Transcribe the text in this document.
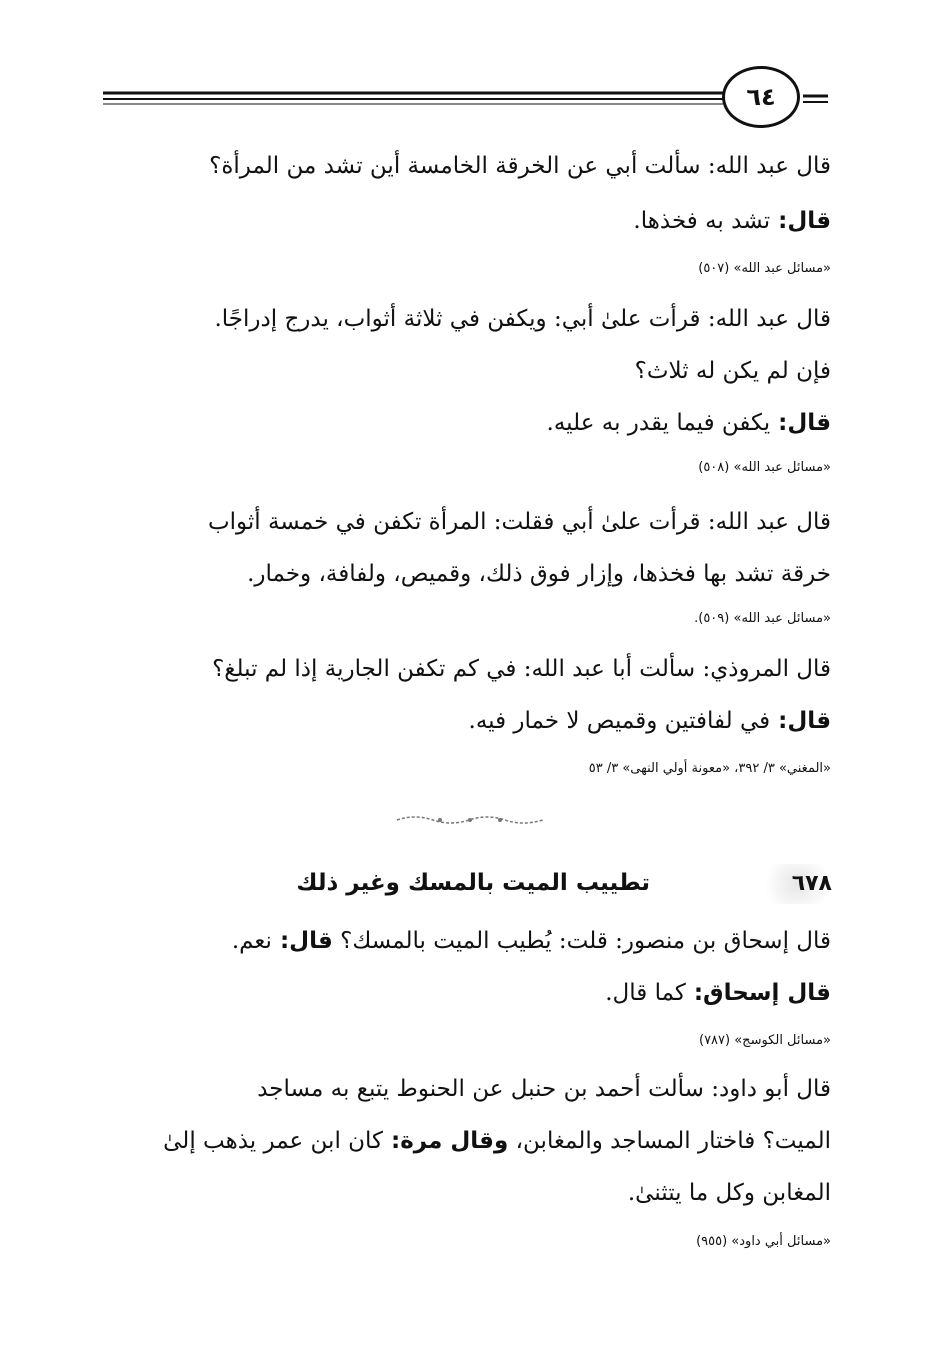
٦٤
قال عبد الله: سألت أبي عن الخرقة الخامسة أين تشد من المرأة؟
قال: تشد به فخذها.
«مسائل عبد الله» (٥٠٧)
قال عبد الله: قرأت علىٰ أبي: ويكفن في ثلاثة أثواب، يدرج إدراجًا.
فإن لم يكن له ثلاث؟
قال: يكفن فيما يقدر به عليه.
«مسائل عبد الله» (٥٠٨)
قال عبد الله: قرأت علىٰ أبي فقلت: المرأة تكفن في خمسة أثواب
خرقة تشد بها فخذها، وإزار فوق ذلك، وقميص، ولفافة، وخمار.
«مسائل عبد الله» (٥٠٩).
قال المروذي: سألت أبا عبد الله: في كم تكفن الجارية إذا لم تبلغ؟
قال: في لفافتين وقميص لا خمار فيه.
«المغني» ٣/ ٣٩٢، «معونة أولي النهى» ٣/ ٥٣
٦٧٨
تطييب الميت بالمسك وغير ذلك
قال إسحاق بن منصور: قلت: يُطيب الميت بالمسك؟ قال: نعم.
قال إسحاق: كما قال.
«مسائل الكوسج» (٧٨٧)
قال أبو داود: سألت أحمد بن حنبل عن الحنوط يتبع به مساجد
الميت؟ فاختار المساجد والمغابن، وقال مرة: كان ابن عمر يذهب إلىٰ
المغابن وكل ما يتثنىٰ.
«مسائل أبي داود» (٩٥٥)
